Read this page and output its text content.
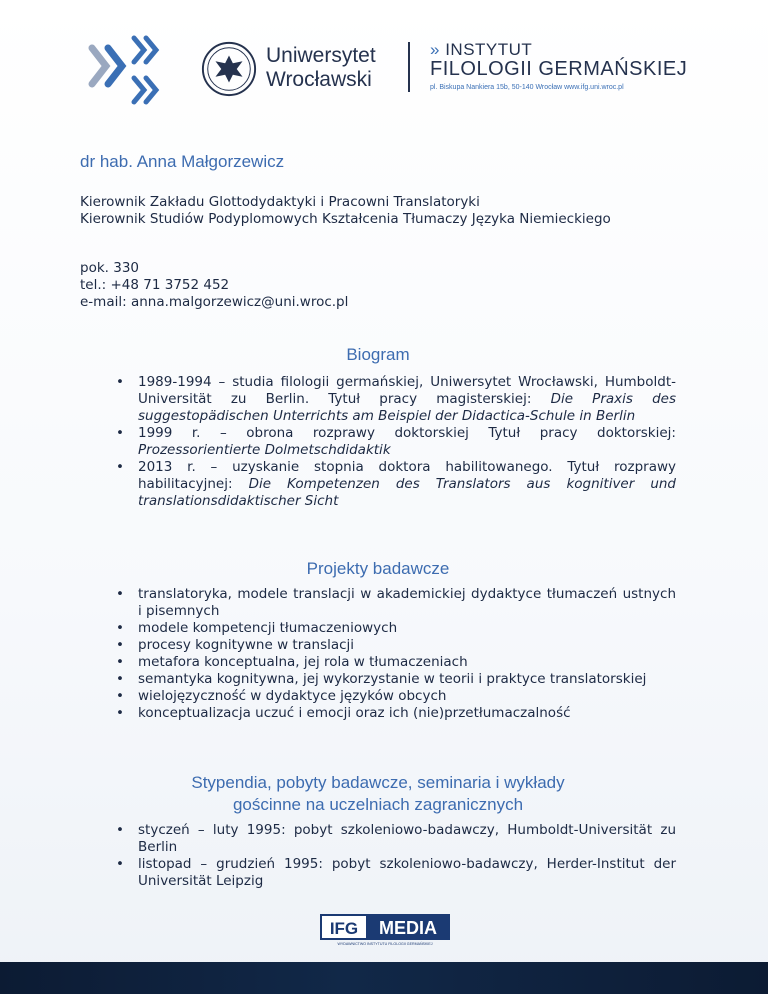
Uniwersytet
Wrocławski
» INSTYTUT
FILOLOGII GERMAŃSKIEJ
pl. Biskupa Nankiera 15b, 50-140 Wrocław www.ifg.uni.wroc.pl
dr hab. Anna Małgorzewicz
Kierownik Zakładu Glottodydaktyki i Pracowni Translatoryki
Kierownik Studiów Podyplomowych Kształcenia Tłumaczy Języka Niemieckiego
pok. 330
tel.: +48 71 3752 452
e-mail: anna.malgorzewicz@uni.wroc.pl
Biogram
• 1989-1994 – studia filologii germańskiej, Uniwersytet Wrocławski, Humboldt- Universität zu Berlin. Tytuł pracy magisterskiej: Die Praxis des suggestopädischen Unterrichts am Beispiel der Didactica-Schule in Berlin
• 1999 r. – obrona rozprawy doktorskiej Tytuł pracy doktorskiej: Prozessorientierte Dolmetschdidaktik
• 2013 r. – uzyskanie stopnia doktora habilitowanego. Tytuł rozprawy habilitacyjnej: Die Kompetenzen des Translators aus kognitiver und translationsdidaktischer Sicht
Projekty badawcze
• translatoryka, modele translacji w akademickiej dydaktyce tłumaczeń ustnych i pisemnych
• modele kompetencji tłumaczeniowych
• procesy kognitywne w translacji
• metafora konceptualna, jej rola w tłumaczeniach
• semantyka kognitywna, jej wykorzystanie w teorii i praktyce translatorskiej
• wielojęzyczność w dydaktyce języków obcych
• konceptualizacja uczuć i emocji oraz ich (nie)przetłumaczalność
Stypendia, pobyty badawcze, seminaria i wykłady
gościnne na uczelniach zagranicznych
• styczeń – luty 1995: pobyt szkoleniowo-badawczy, Humboldt-Universität zu Berlin
• listopad – grudzień 1995: pobyt szkoleniowo-badawczy, Herder-Institut der Universität Leipzig
IFG MEDIA
WYDAWNICTWO INSTYTUTU FILOLOGII GERMAŃSKIEJ
